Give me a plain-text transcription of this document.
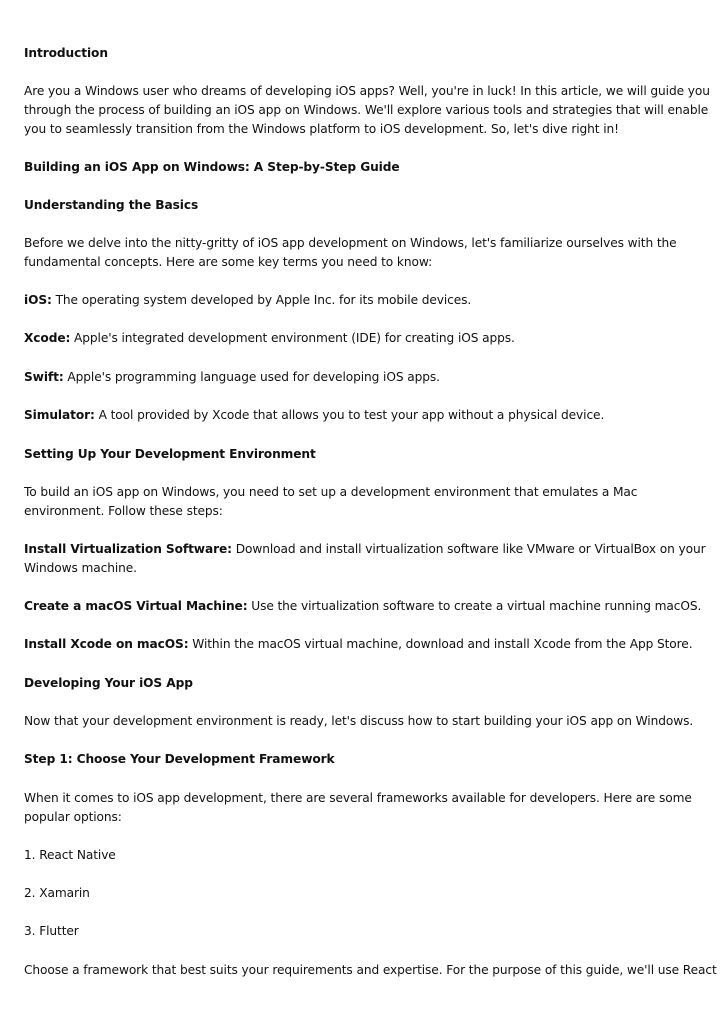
Introduction
Are you a Windows user who dreams of developing iOS apps? Well, you're in luck! In this article, we will guide you
through the process of building an iOS app on Windows. We'll explore various tools and strategies that will enable
you to seamlessly transition from the Windows platform to iOS development. So, let's dive right in!
Building an iOS App on Windows: A Step-by-Step Guide
Understanding the Basics
Before we delve into the nitty-gritty of iOS app development on Windows, let's familiarize ourselves with the
fundamental concepts. Here are some key terms you need to know:
iOS: The operating system developed by Apple Inc. for its mobile devices.
Xcode: Apple's integrated development environment (IDE) for creating iOS apps.
Swift: Apple's programming language used for developing iOS apps.
Simulator: A tool provided by Xcode that allows you to test your app without a physical device.
Setting Up Your Development Environment
To build an iOS app on Windows, you need to set up a development environment that emulates a Mac
environment. Follow these steps:
Install Virtualization Software: Download and install virtualization software like VMware or VirtualBox on your
Windows machine.
Create a macOS Virtual Machine: Use the virtualization software to create a virtual machine running macOS.
Install Xcode on macOS: Within the macOS virtual machine, download and install Xcode from the App Store.
Developing Your iOS App
Now that your development environment is ready, let's discuss how to start building your iOS app on Windows.
Step 1: Choose Your Development Framework
When it comes to iOS app development, there are several frameworks available for developers. Here are some
popular options:
1. React Native
2. Xamarin
3. Flutter
Choose a framework that best suits your requirements and expertise. For the purpose of this guide, we'll use React
